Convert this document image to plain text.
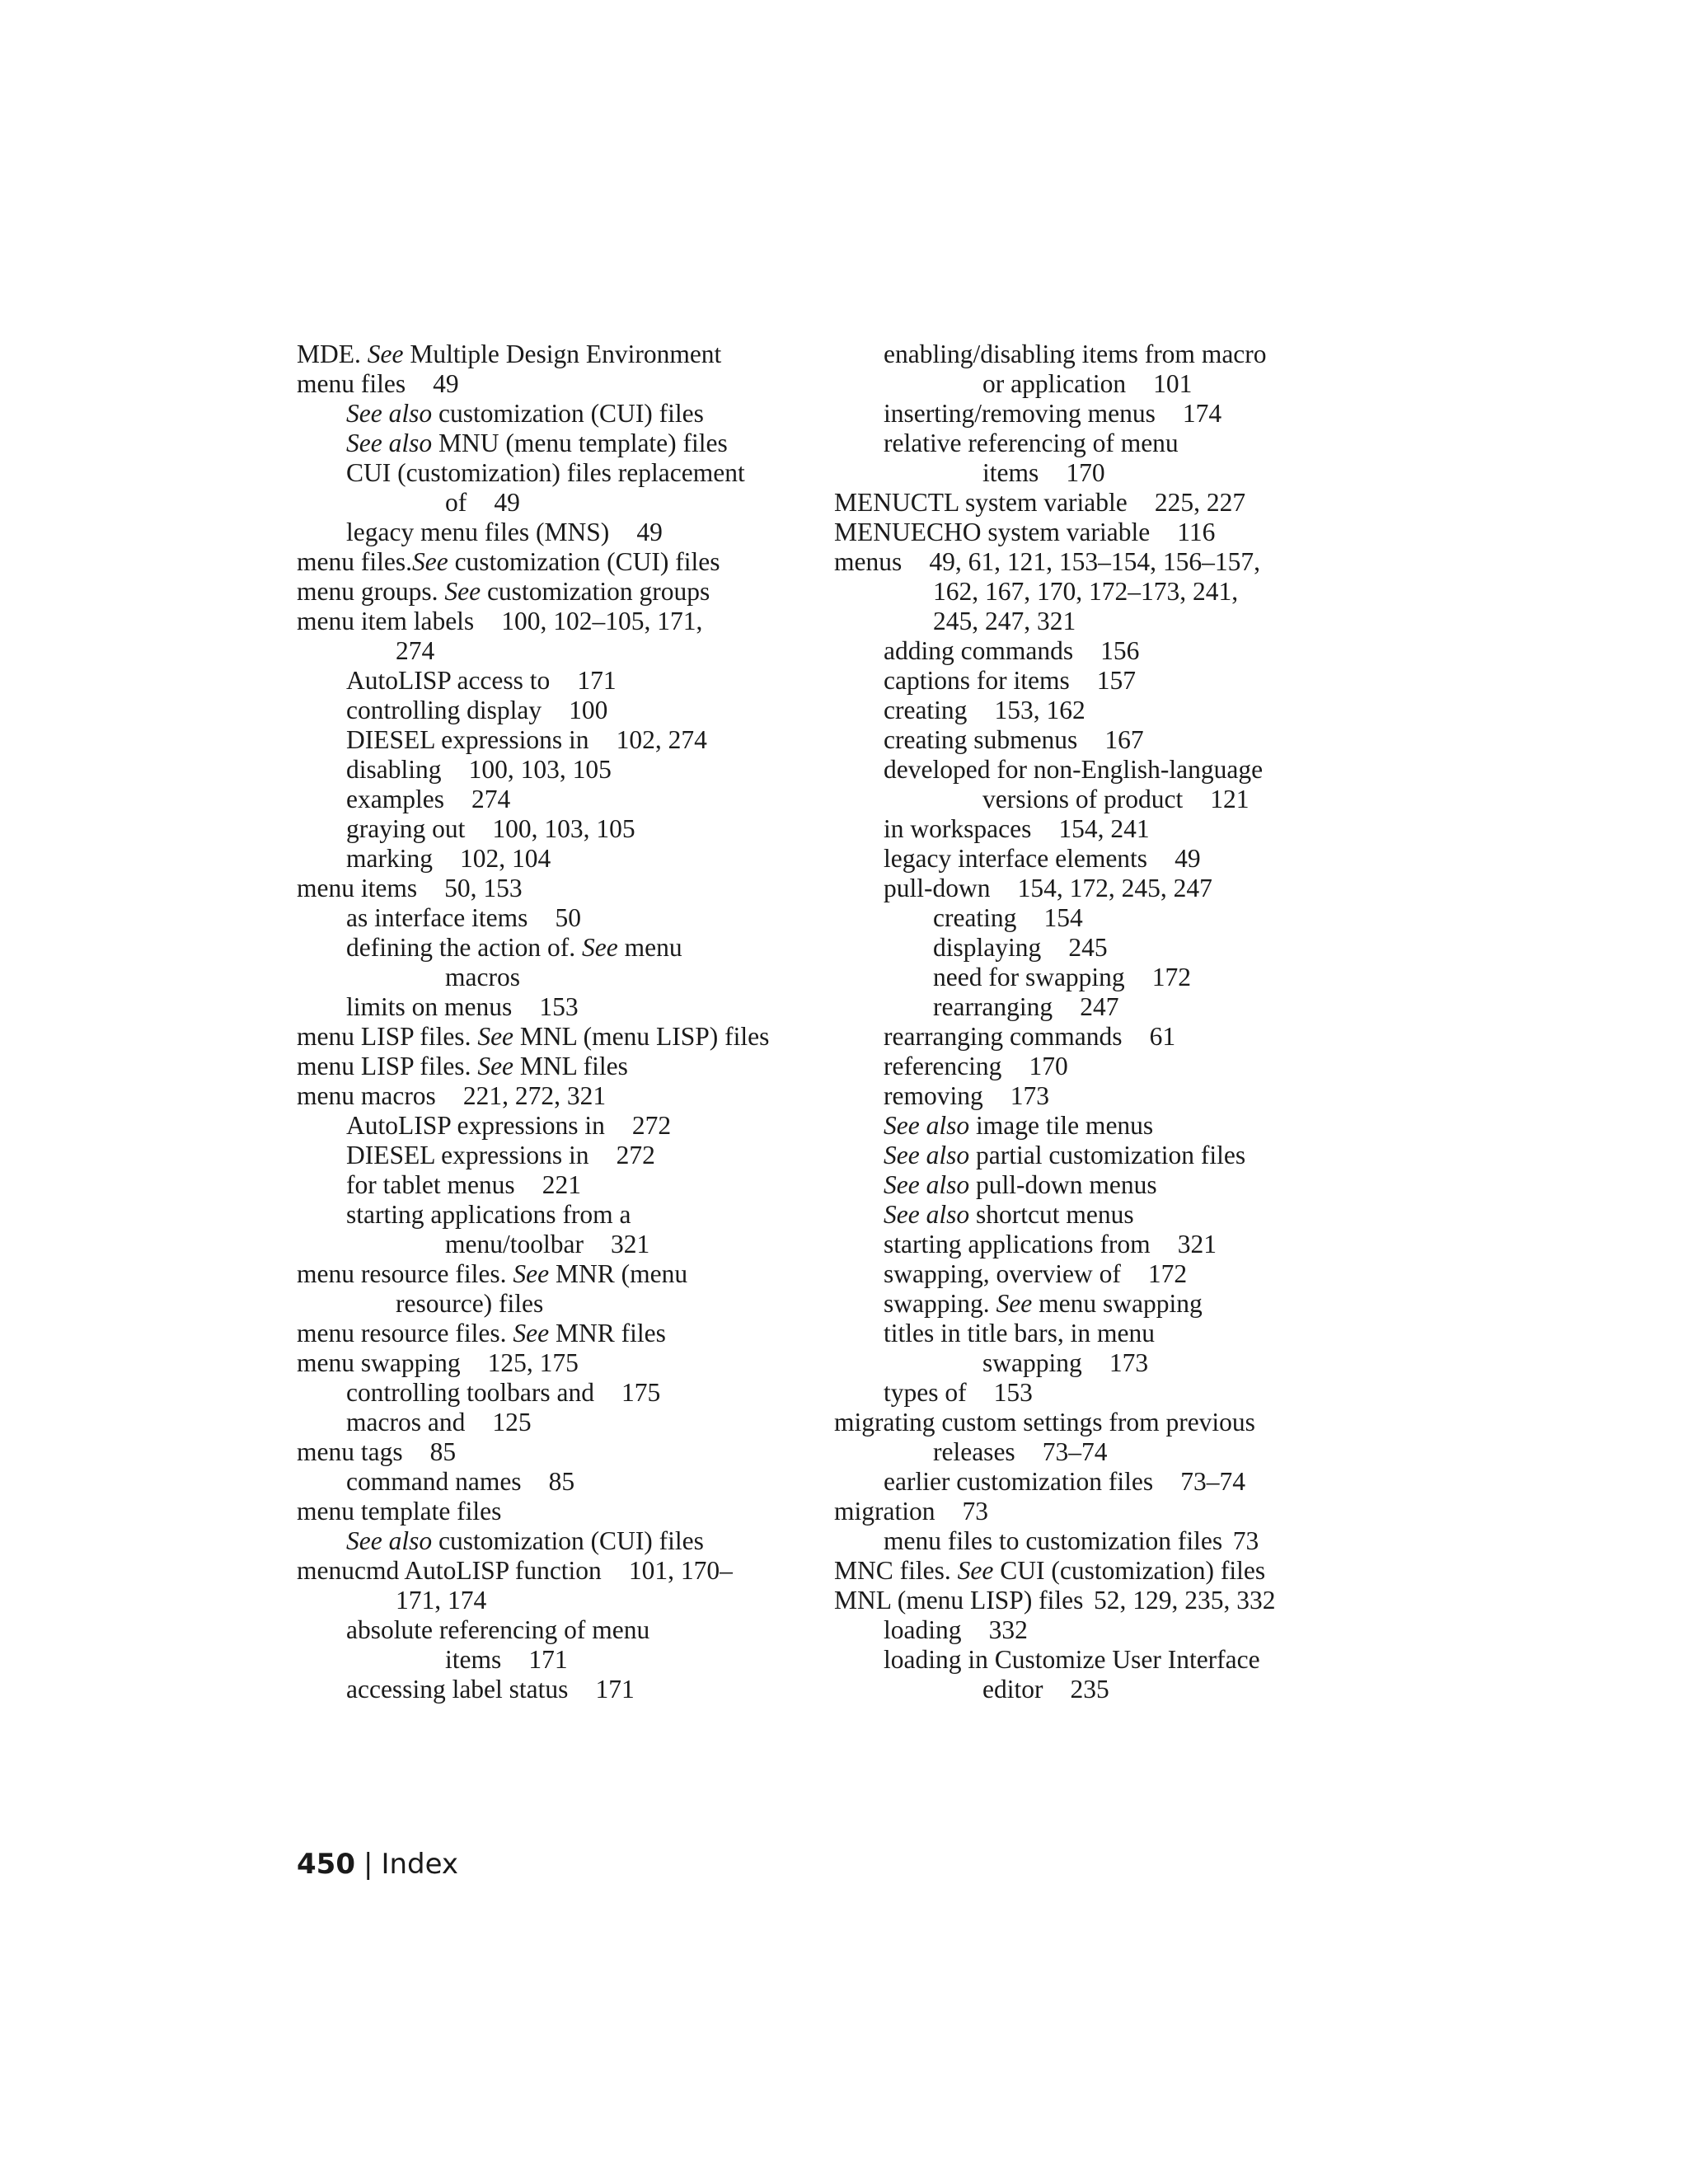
MDE. See Multiple Design Environment
menu files 49
See also customization (CUI) files
See also MNU (menu template) files
CUI (customization) files replacement
of 49
legacy menu files (MNS) 49
menu files.See customization (CUI) files
menu groups. See customization groups
menu item labels 100, 102–105, 171,
274
AutoLISP access to 171
controlling display 100
DIESEL expressions in 102, 274
disabling 100, 103, 105
examples 274
graying out 100, 103, 105
marking 102, 104
menu items 50, 153
as interface items 50
defining the action of. See menu
macros
limits on menus 153
menu LISP files. See MNL (menu LISP) files
menu LISP files. See MNL files
menu macros 221, 272, 321
AutoLISP expressions in 272
DIESEL expressions in 272
for tablet menus 221
starting applications from a
menu/toolbar 321
menu resource files. See MNR (menu
resource) files
menu resource files. See MNR files
menu swapping 125, 175
controlling toolbars and 175
macros and 125
menu tags 85
command names 85
menu template files
See also customization (CUI) files
menucmd AutoLISP function 101, 170–
171, 174
absolute referencing of menu
items 171
accessing label status 171
enabling/disabling items from macro
or application 101
inserting/removing menus 174
relative referencing of menu
items 170
MENUCTL system variable 225, 227
MENUECHO system variable 116
menus 49, 61, 121, 153–154, 156–157,
162, 167, 170, 172–173, 241,
245, 247, 321
adding commands 156
captions for items 157
creating 153, 162
creating submenus 167
developed for non-English-language
versions of product 121
in workspaces 154, 241
legacy interface elements 49
pull-down 154, 172, 245, 247
creating 154
displaying 245
need for swapping 172
rearranging 247
rearranging commands 61
referencing 170
removing 173
See also image tile menus
See also partial customization files
See also pull-down menus
See also shortcut menus
starting applications from 321
swapping, overview of 172
swapping. See menu swapping
titles in title bars, in menu
swapping 173
types of 153
migrating custom settings from previous
releases 73–74
earlier customization files 73–74
migration 73
menu files to customization files 73
MNC files. See CUI (customization) files
MNL (menu LISP) files 52, 129, 235, 332
loading 332
loading in Customize User Interface
editor 235
450 | Index
